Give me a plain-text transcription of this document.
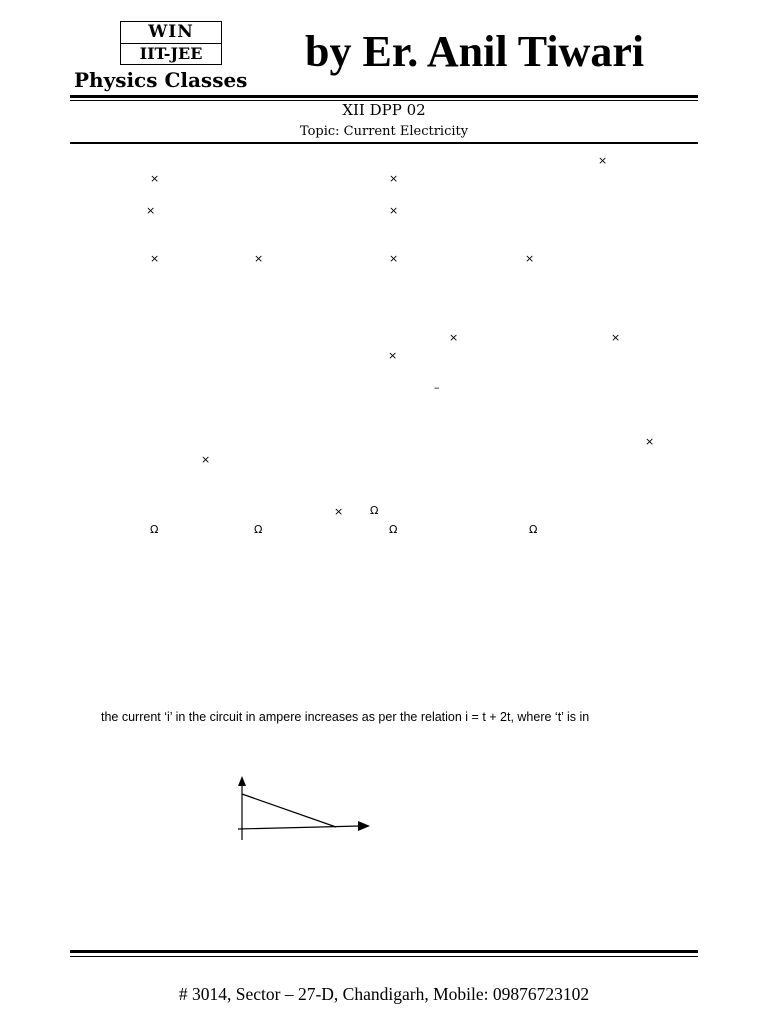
WIN
IIT-JEE
Physics Classes
by Er. Anil Tiwari
XII DPP 02
Topic: Current Electricity
×
×	×
×	×
×	×	×	×
×	×
×
–
×
×
× Ω
Ω	Ω	Ω	Ω
the current ‘i’ in the circuit in ampere increases as per the relation i = t + 2t, where ‘t’ is in
# 3014, Sector – 27-D, Chandigarh, Mobile: 09876723102
